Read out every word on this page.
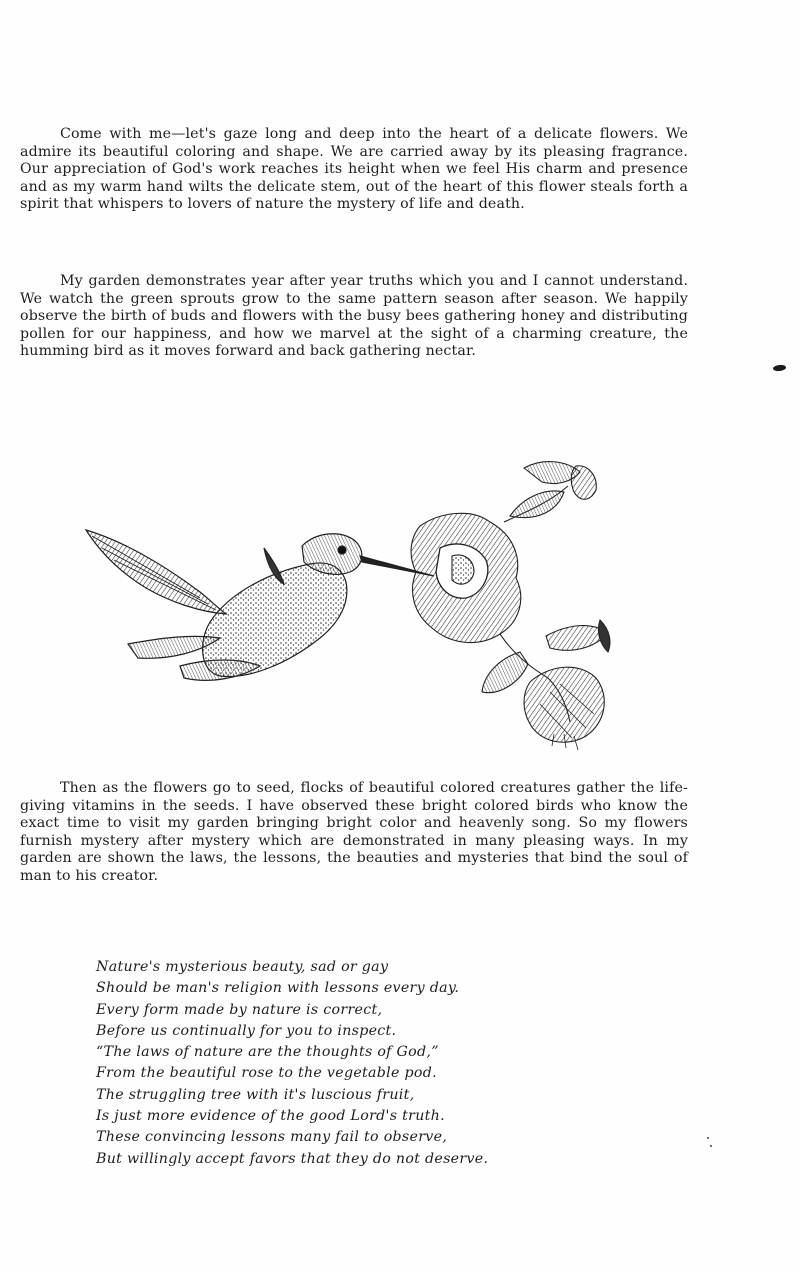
Come with me—let's gaze long and deep into the heart of a delicate flowers. We admire its beautiful coloring and shape. We are carried away by its pleasing fragrance. Our appreciation of God's work reaches its height when we feel His charm and presence and as my warm hand wilts the delicate stem, out of the heart of this flower steals forth a spirit that whispers to lovers of nature the mystery of life and death.

My garden demonstrates year after year truths which you and I cannot understand. We watch the green sprouts grow to the same pattern season after season. We happily observe the birth of buds and flowers with the busy bees gathering honey and distributing pollen for our happiness, and how we marvel at the sight of a charming creature, the humming bird as it moves forward and back gathering nectar.

Then as the flowers go to seed, flocks of beautiful colored creatures gather the life-giving vitamins in the seeds. I have observed these bright colored birds who know the exact time to visit my garden bringing bright color and heavenly song. So my flowers furnish mystery after mystery which are demonstrated in many pleasing ways. In my garden are shown the laws, the lessons, the beauties and mysteries that bind the soul of man to his creator.

Nature's mysterious beauty, sad or gay
Should be man's religion with lessons every day.
Every form made by nature is correct,
Before us continually for you to inspect.
“The laws of nature are the thoughts of God,”
From the beautiful rose to the vegetable pod.
The struggling tree with it's luscious fruit,
Is just more evidence of the good Lord's truth.
These convincing lessons many fail to observe,
But willingly accept favors that they do not deserve.
